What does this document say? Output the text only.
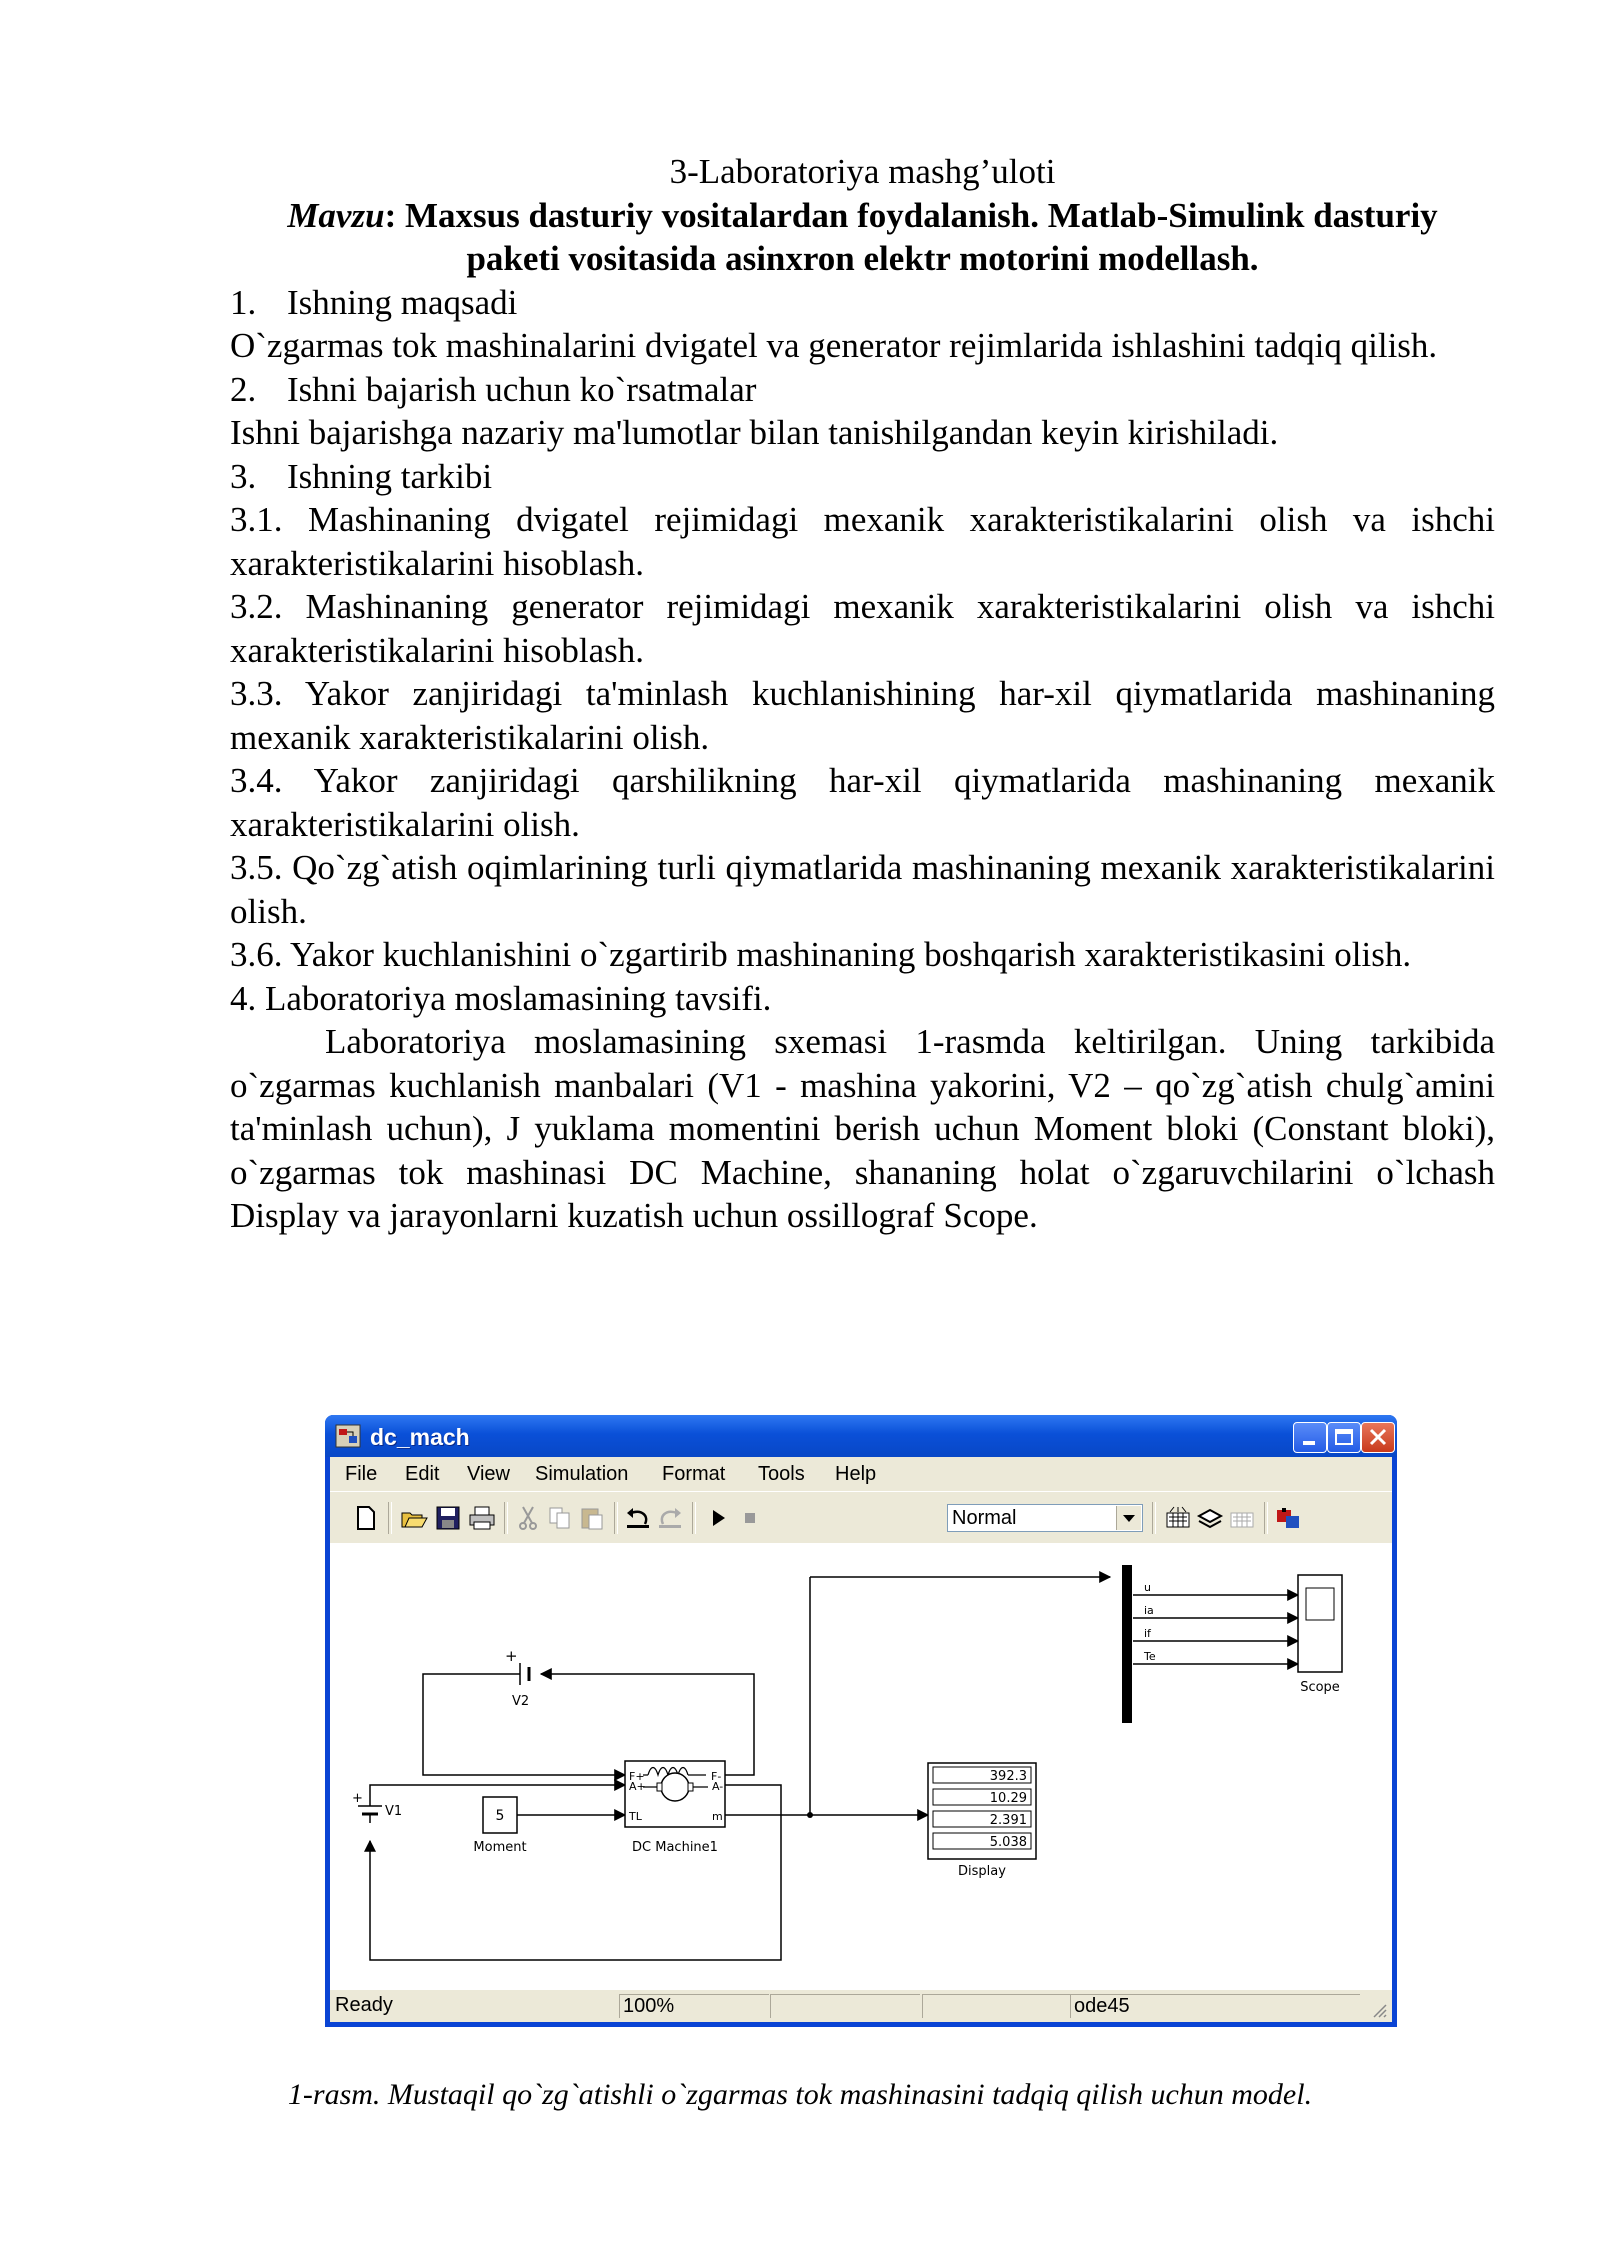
3-Laboratoriya mashg’uloti

Mavzu: Maxsus dasturiy vositalardan foydalanish. Matlab-Simulink dasturiy

paketi vositasida asinxron elektr motorini modellash.

1. Ishning maqsadi

O`zgarmas tok mashinalarini dvigatel va generator rejimlarida ishlashini tadqiq qilish.

2. Ishni bajarish uchun ko`rsatmalar

Ishni bajarishga nazariy ma'lumotlar bilan tanishilgandan keyin kirishiladi.

3. Ishning tarkibi

3.1. Mashinaning dvigatel rejimidagi mexanik xarakteristikalarini olish va ishchi xarakteristikalarini hisoblash.

3.2. Mashinaning generator rejimidagi mexanik xarakteristikalarini olish va ishchi xarakteristikalarini hisoblash.

3.3. Yakor zanjiridagi ta'minlash kuchlanishining har-xil qiymatlarida mashinaning mexanik xarakteristikalarini olish.

3.4. Yakor zanjiridagi qarshilikning har-xil qiymatlarida mashinaning mexanik xarakteristikalarini olish.

3.5. Qo`zg`atish oqimlarining turli qiymatlarida mashinaning mexanik xarakteristikalarini olish.

3.6. Yakor kuchlanishini o`zgartirib mashinaning boshqarish xarakteristikasini olish.

4. Laboratoriya moslamasining tavsifi.

Laboratoriya moslamasining sxemasi 1-rasmda keltirilgan. Uning tarkibida o`zgarmas kuchlanish manbalari (V1 - mashina yakorini, V2 – qo`zg`atish chulg`amini ta'minlash uchun), J yuklama momentini berish uchun Moment bloki (Constant bloki), o`zgarmas tok mashinasi DC Machine, shananing holat o`zgaruvchilarini o`lchash Display va jarayonlarni kuzatish uchun ossillograf Scope.

dc_mach
File Edit View Simulation Format Tools Help
Normal
+
V2
+
V1	5
Moment
F+	F-
A+	A-
TL	m
DC Machine1
392.3
10.29
2.391
5.038
Display
u
ia
if
Te
Scope
Ready	100%	ode45
1-rasm. Mustaqil qo`zg`atishli o`zgarmas tok mashinasini tadqiq qilish uchun model.
